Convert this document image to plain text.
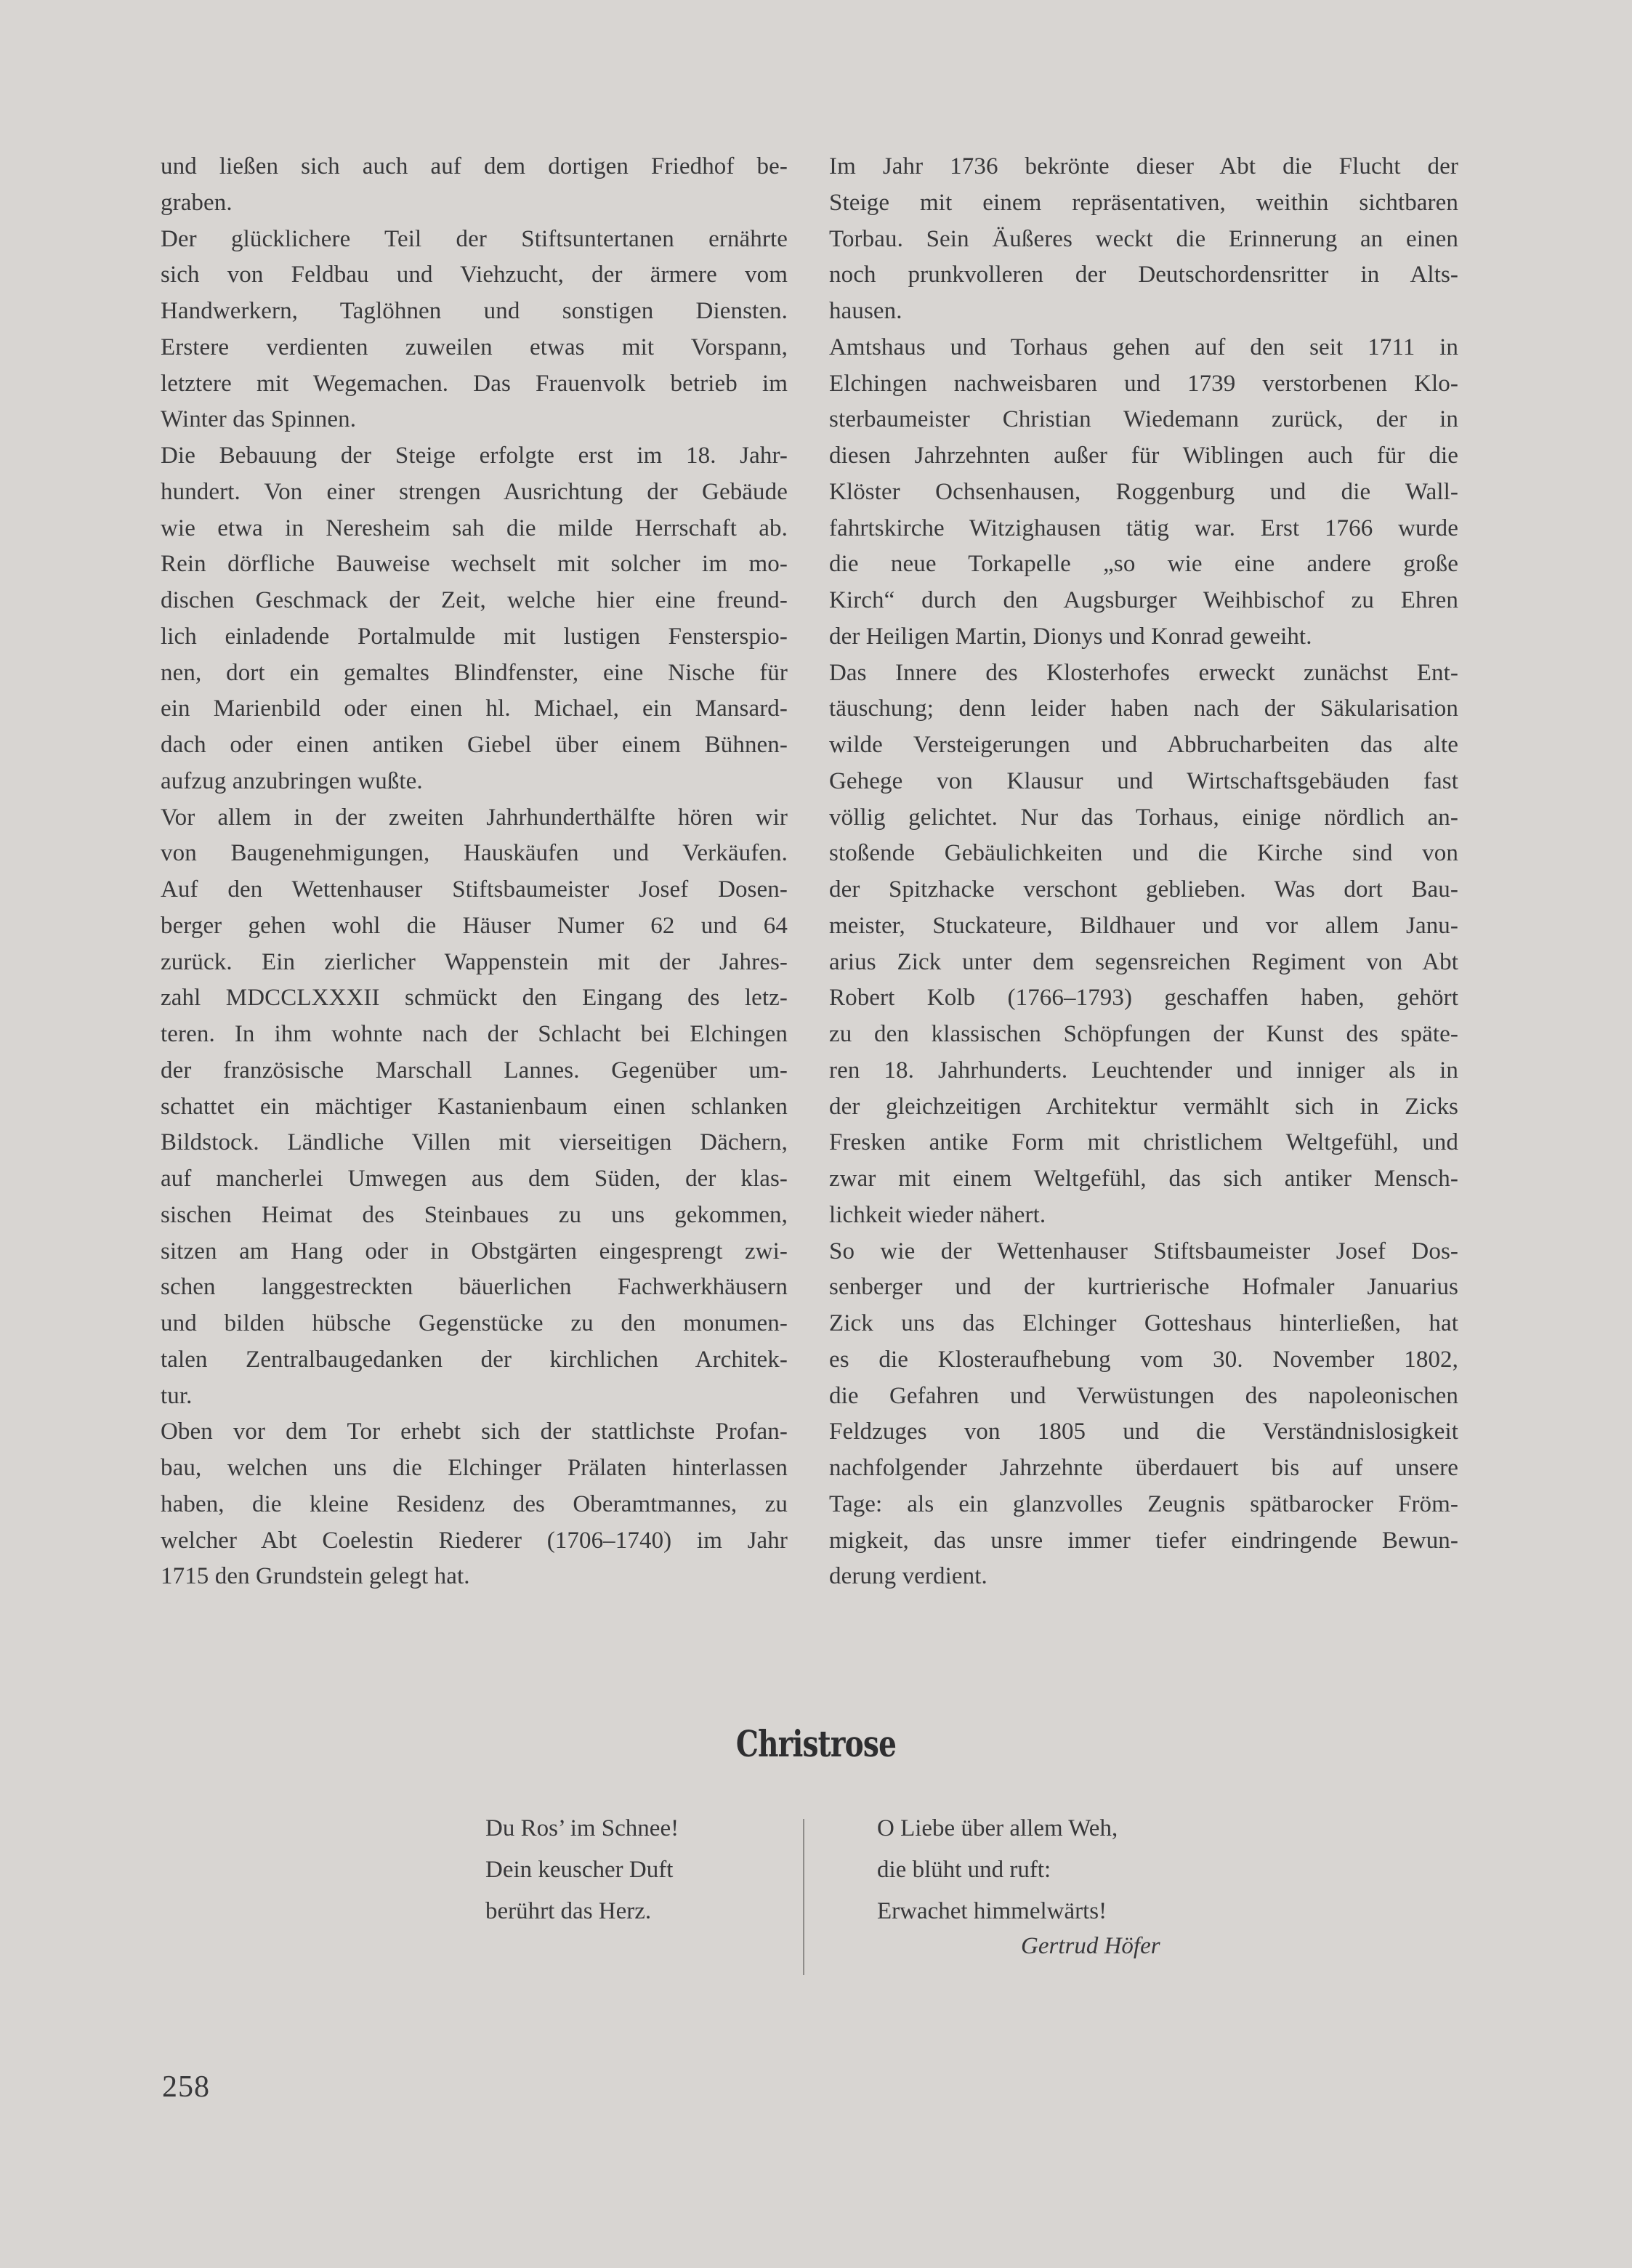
und ließen sich auch auf dem dortigen Friedhof be-
graben.
Der glücklichere Teil der Stiftsuntertanen ernährte
sich von Feldbau und Viehzucht, der ärmere vom
Handwerkern, Taglöhnen und sonstigen Diensten.
Erstere verdienten zuweilen etwas mit Vorspann,
letztere mit Wegemachen. Das Frauenvolk betrieb im
Winter das Spinnen.
Die Bebauung der Steige erfolgte erst im 18. Jahr-
hundert. Von einer strengen Ausrichtung der Gebäude
wie etwa in Neresheim sah die milde Herrschaft ab.
Rein dörfliche Bauweise wechselt mit solcher im mo-
dischen Geschmack der Zeit, welche hier eine freund-
lich einladende Portalmulde mit lustigen Fensterspio-
nen, dort ein gemaltes Blindfenster, eine Nische für
ein Marienbild oder einen hl. Michael, ein Mansard-
dach oder einen antiken Giebel über einem Bühnen-
aufzug anzubringen wußte.
Vor allem in der zweiten Jahrhunderthälfte hören wir
von Baugenehmigungen, Hauskäufen und Verkäufen.
Auf den Wettenhauser Stiftsbaumeister Josef Dosen-
berger gehen wohl die Häuser Numer 62 und 64
zurück. Ein zierlicher Wappenstein mit der Jahres-
zahl MDCCLXXXII schmückt den Eingang des letz-
teren. In ihm wohnte nach der Schlacht bei Elchingen
der französische Marschall Lannes. Gegenüber um-
schattet ein mächtiger Kastanienbaum einen schlanken
Bildstock. Ländliche Villen mit vierseitigen Dächern,
auf mancherlei Umwegen aus dem Süden, der klas-
sischen Heimat des Steinbaues zu uns gekommen,
sitzen am Hang oder in Obstgärten eingesprengt zwi-
schen langgestreckten bäuerlichen Fachwerkhäusern
und bilden hübsche Gegenstücke zu den monumen-
talen Zentralbaugedanken der kirchlichen Architek-
tur.
Oben vor dem Tor erhebt sich der stattlichste Profan-
bau, welchen uns die Elchinger Prälaten hinterlassen
haben, die kleine Residenz des Oberamtmannes, zu
welcher Abt Coelestin Riederer (1706–1740) im Jahr
1715 den Grundstein gelegt hat.
Im Jahr 1736 bekrönte dieser Abt die Flucht der
Steige mit einem repräsentativen, weithin sichtbaren
Torbau. Sein Äußeres weckt die Erinnerung an einen
noch prunkvolleren der Deutschordensritter in Alts-
hausen.
Amtshaus und Torhaus gehen auf den seit 1711 in
Elchingen nachweisbaren und 1739 verstorbenen Klo-
sterbaumeister Christian Wiedemann zurück, der in
diesen Jahrzehnten außer für Wiblingen auch für die
Klöster Ochsenhausen, Roggenburg und die Wall-
fahrtskirche Witzighausen tätig war. Erst 1766 wurde
die neue Torkapelle „so wie eine andere große
Kirch“ durch den Augsburger Weihbischof zu Ehren
der Heiligen Martin, Dionys und Konrad geweiht.
Das Innere des Klosterhofes erweckt zunächst Ent-
täuschung; denn leider haben nach der Säkularisation
wilde Versteigerungen und Abbrucharbeiten das alte
Gehege von Klausur und Wirtschaftsgebäuden fast
völlig gelichtet. Nur das Torhaus, einige nördlich an-
stoßende Gebäulichkeiten und die Kirche sind von
der Spitzhacke verschont geblieben. Was dort Bau-
meister, Stuckateure, Bildhauer und vor allem Janu-
arius Zick unter dem segensreichen Regiment von Abt
Robert Kolb (1766–1793) geschaffen haben, gehört
zu den klassischen Schöpfungen der Kunst des späte-
ren 18. Jahrhunderts. Leuchtender und inniger als in
der gleichzeitigen Architektur vermählt sich in Zicks
Fresken antike Form mit christlichem Weltgefühl, und
zwar mit einem Weltgefühl, das sich antiker Mensch-
lichkeit wieder nähert.
So wie der Wettenhauser Stiftsbaumeister Josef Dos-
senberger und der kurtrierische Hofmaler Januarius
Zick uns das Elchinger Gotteshaus hinterließen, hat
es die Klosteraufhebung vom 30. November 1802,
die Gefahren und Verwüstungen des napoleonischen
Feldzuges von 1805 und die Verständnislosigkeit
nachfolgender Jahrzehnte überdauert bis auf unsere
Tage: als ein glanzvolles Zeugnis spätbarocker Fröm-
migkeit, das unsre immer tiefer eindringende Bewun-
derung verdient.
Christrose
Du Ros’ im Schnee!
Dein keuscher Duft
berührt das Herz.
O Liebe über allem Weh,
die blüht und ruft:
Erwachet himmelwärts!
Gertrud Höfer
258
